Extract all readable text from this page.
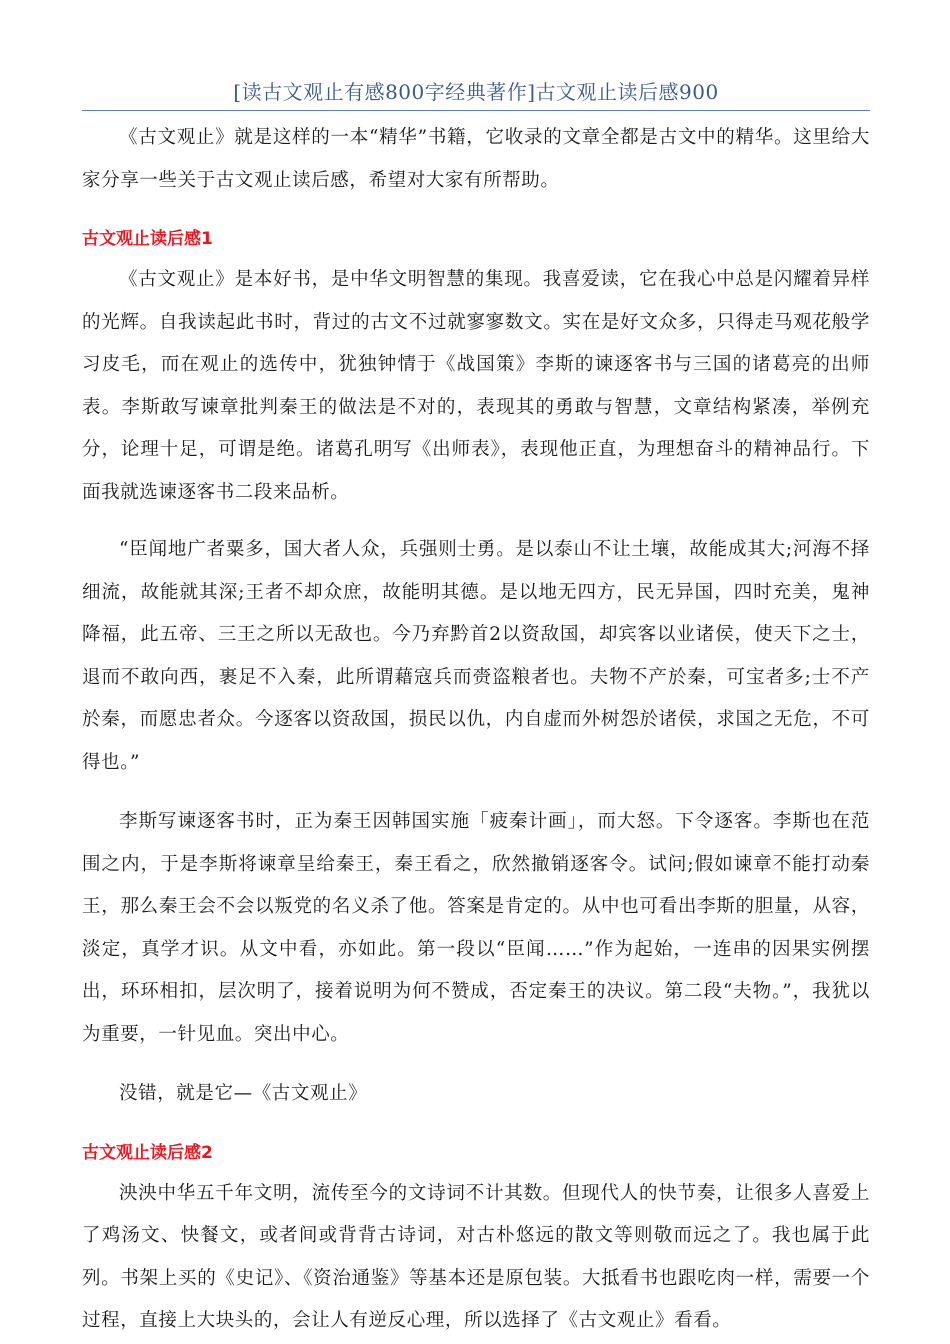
[读古文观止有感800字经典著作]古文观止读后感900

《古文观止》就是这样的一本“精华”书籍，它收录的文章全都是古文中的精华。这里给大家分享一些关于古文观止读后感，希望对大家有所帮助。

古文观止读后感1

《古文观止》是本好书，是中华文明智慧的集现。我喜爱读，它在我心中总是闪耀着异样的光辉。自我读起此书时，背过的古文不过就寥寥数文。实在是好文众多，只得走马观花般学习皮毛，而在观止的选传中，犹独钟情于《战国策》李斯的谏逐客书与三国的诸葛亮的出师表。李斯敢写谏章批判秦王的做法是不对的，表现其的勇敢与智慧，文章结构紧凑，举例充分，论理十足，可谓是绝。诸葛孔明写《出师表》，表现他正直，为理想奋斗的精神品行。下面我就选谏逐客书二段来品析。

“臣闻地广者粟多，国大者人众，兵强则士勇。是以泰山不让土壤，故能成其大;河海不择细流，故能就其深;王者不却众庶，故能明其德。是以地无四方，民无异国，四时充美，鬼神降福，此五帝、三王之所以无敌也。今乃弃黔首2以资敌国，却宾客以业诸侯，使天下之士，退而不敢向西，裹足不入秦，此所谓藉寇兵而赍盗粮者也。夫物不产於秦，可宝者多;士不产於秦，而愿忠者众。今逐客以资敌国，损民以仇，内自虚而外树怨於诸侯，求国之无危，不可得也。”

李斯写谏逐客书时，正为秦王因韩国实施「疲秦计画」，而大怒。下令逐客。李斯也在范围之内，于是李斯将谏章呈给秦王，秦王看之，欣然撤销逐客令。试问;假如谏章不能打动秦王，那么秦王会不会以叛党的名义杀了他。答案是肯定的。从中也可看出李斯的胆量，从容，淡定，真学才识。从文中看，亦如此。第一段以“臣闻……”作为起始，一连串的因果实例摆出，环环相扣，层次明了，接着说明为何不赞成，否定秦王的决议。第二段“夫物。”，我犹以为重要，一针见血。突出中心。

没错，就是它—《古文观止》

古文观止读后感2

泱泱中华五千年文明，流传至今的文诗词不计其数。但现代人的快节奏，让很多人喜爱上了鸡汤文、快餐文，或者间或背背古诗词，对古朴悠远的散文等则敬而远之了。我也属于此列。书架上买的《史记》、《资治通鉴》等基本还是原包装。大抵看书也跟吃肉一样，需要一个过程，直接上大块头的，会让人有逆反心理，所以选择了《古文观止》看看。
